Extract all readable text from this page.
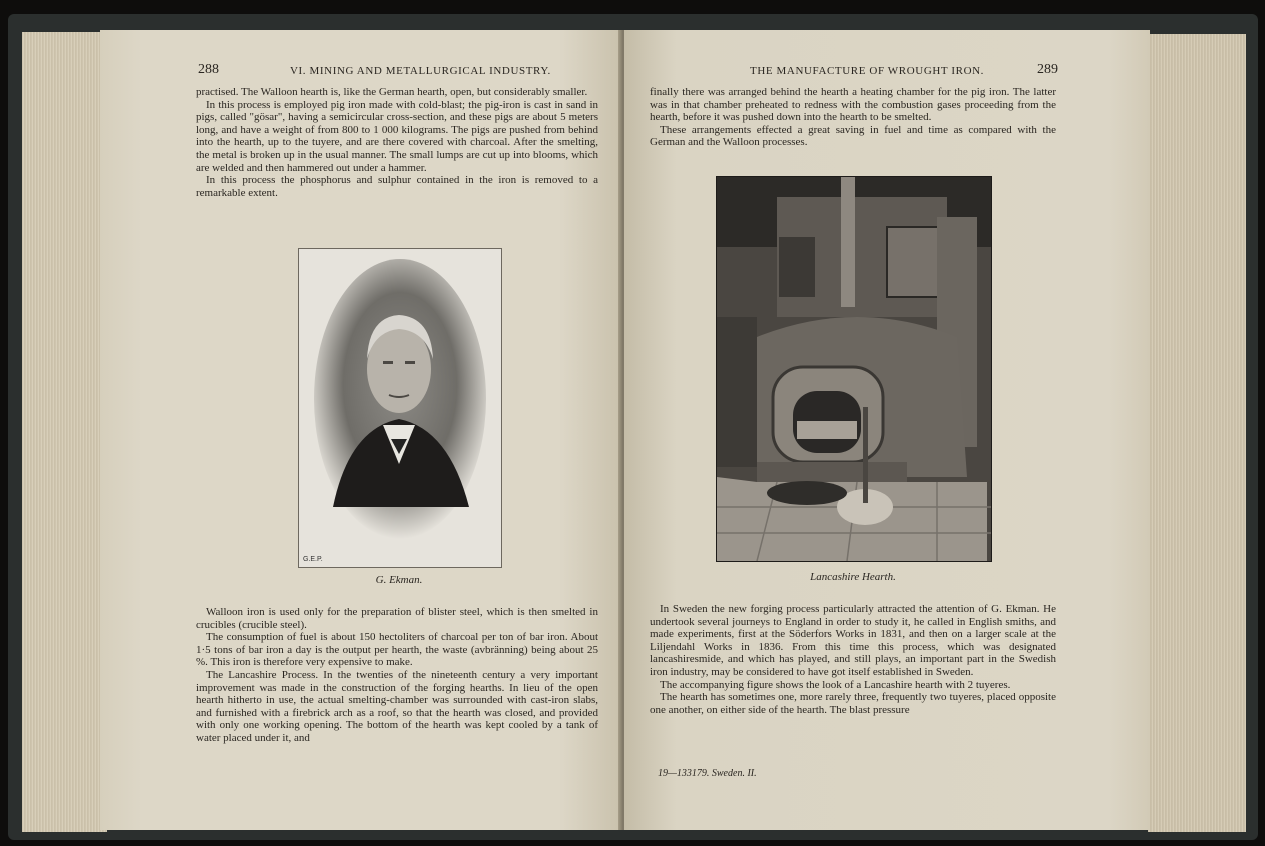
288	VI. MINING AND METALLURGICAL INDUSTRY.

practised. The Walloon hearth is, like the German hearth, open, but considerably smaller.

In this process is employed pig iron made with cold-blast; the pig-iron is cast in sand in pigs, called "gösar", having a semicircular cross-section, and these pigs are about 5 meters long, and have a weight of from 800 to 1 000 kilograms. The pigs are pushed from behind into the hearth, up to the tuyere, and are there covered with charcoal. After the smelting, the metal is broken up in the usual manner. The small lumps are cut up into blooms, which are welded and then hammered out under a hammer.

In this process the phosphorus and sulphur contained in the iron is removed to a remarkable extent.

G.E.P.
G. Ekman.

Walloon iron is used only for the preparation of blister steel, which is then smelted in crucibles (crucible steel).

The consumption of fuel is about 150 hectoliters of charcoal per ton of bar iron. About 1·5 tons of bar iron a day is the output per hearth, the waste (avbränning) being about 25 %. This iron is therefore very expensive to make.

The Lancashire Process. In the twenties of the nineteenth century a very important improvement was made in the construction of the forging hearths. In lieu of the open hearth hitherto in use, the actual smelting-chamber was surrounded with cast-iron slabs, and furnished with a firebrick arch as a roof, so that the hearth was closed, and provided with only one working opening. The bottom of the hearth was kept cooled by a tank of water placed under it, and

THE MANUFACTURE OF WROUGHT IRON.	289

finally there was arranged behind the hearth a heating chamber for the pig iron. The latter was in that chamber preheated to redness with the combustion gases proceeding from the hearth, before it was pushed down into the hearth to be smelted.

These arrangements effected a great saving in fuel and time as compared with the German and the Walloon processes.

Lancashire Hearth.

In Sweden the new forging process particularly attracted the attention of G. Ekman. He undertook several journeys to England in order to study it, he called in English smiths, and made experiments, first at the Söderfors Works in 1831, and then on a larger scale at the Liljendahl Works in 1836. From this time this process, which was designated lancashiresmide, and which has played, and still plays, an important part in the Swedish iron industry, may be considered to have got itself established in Sweden.

The accompanying figure shows the look of a Lancashire hearth with 2 tuyeres.

The hearth has sometimes one, more rarely three, frequently two tuyeres, placed opposite one another, on either side of the hearth. The blast pressure

19—133179. Sweden. II.
